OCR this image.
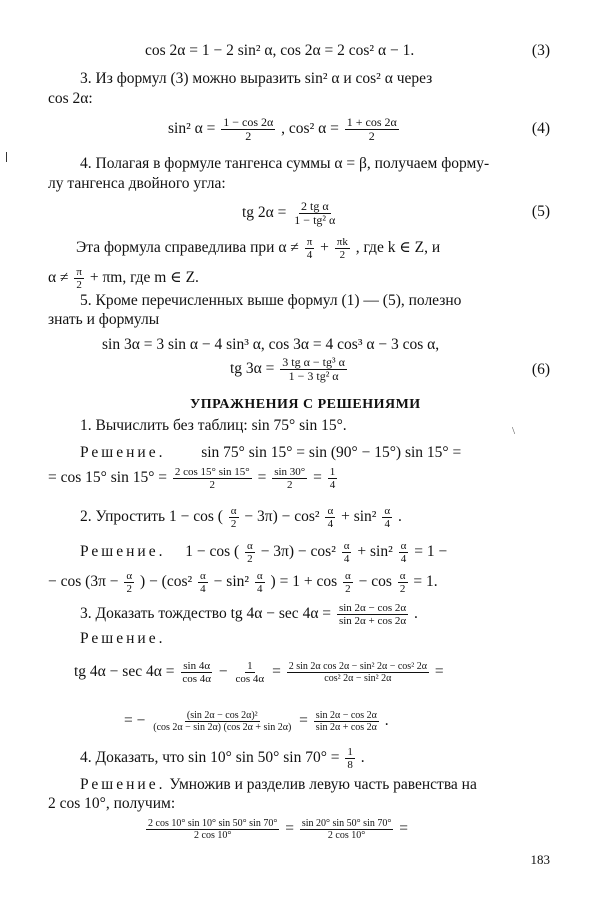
cos 2α = 1 − 2 sin² α, cos 2α = 2 cos² α − 1.	(3)
3. Из формул (3) можно выразить sin² α и cos² α через
cos 2α:
sin² $\alpha = \frac{1 - \cos 2\alpha}{2}$ , cos² $\alpha = \frac{1 + \cos 2\alpha}{2}$	(4)
4. Полагая в формуле тангенса суммы α = β, получаем форму-
лу тангенса двойного угла:
tg $2\alpha = \frac{\text{2 tg α}}{\text{1 − tg² α}}$	(5)
Эта формула справедлива при $\alpha \ne \frac{\pi}{4} + \frac{\pi k}{2}$ , где k ∈ Z, и
$\alpha \ne \frac{\pi}{2} + \pi m$, где m ∈ Z.
5. Кроме перечисленных выше формул (1) — (5), полезно
знать и формулы
sin 3α = 3 sin α − 4 sin³ α, cos 3α = 4 cos³ α − 3 cos α,
tg $3\alpha = \frac{\text{3 tg α − tg³ α}}{\text{1 − 3 tg² α}}$	(6)
УПРАЖНЕНИЯ С РЕШЕНИЯМИ
\
1. Вычислить без таблиц: sin 75° sin 15°.
Решение. sin 75° sin 15° = sin (90° − 15°) sin 15° =
= cos 15° $\sin 15^\circ = \frac{2 \cos 15^\circ \sin 15^\circ}{2} = \frac{\sin 30^\circ}{2} = \frac{1}{4}$
2. Упростить 1 − cos ( $\frac{\alpha}{2} - 3\pi) - \cos^2 \frac{\alpha}{4} + \sin^2 \frac{\alpha}{4}$ .
Решение. 1 − cos ( $\frac{\alpha}{2} - 3\pi) - \cos^2 \frac{\alpha}{4} + \sin^2 \frac{\alpha}{4} = 1$ −
− $\cos (3\pi - \frac{\alpha}{2}$ ) − ($\cos^2 \frac{\alpha}{4} - \sin^2 \frac{\alpha}{4}$ ) = $1 + \cos \frac{\alpha}{2} - \cos \frac{\alpha}{2} = 1$.
3. Доказать тождество tg $4\alpha - \sec 4\alpha = \frac{\sin 2\alpha - \cos 2\alpha}{\sin 2\alpha + \cos 2\alpha}$ .
Решение.
tg $4\alpha - \sec 4\alpha = \frac{\sin 4\alpha}{\cos 4\alpha} - \frac{1}{\cos 4\alpha} = \frac{\text{2 sin 2α cos 2α − sin² 2α − cos² 2α}}{\text{cos² 2α − sin² 2α}}$ =
= − $\frac{\text{(sin 2α − cos 2α)²}}{(\cos 2\alpha - \sin 2\alpha) (\cos 2\alpha + \sin 2\alpha)} = \frac{\sin 2\alpha - \cos 2\alpha}{\sin 2\alpha + \cos 2\alpha}$ .
4. Доказать, что sin 10° sin 50° $\sin 70^\circ = \frac{1}{8}$ .
Решение. Умножив и разделив левую часть равенства на
2 cos 10°, получим:
$\frac{2 \cos 10^\circ \sin 10^\circ \sin 50^\circ \sin 70^\circ}{2 \cos 10^\circ} = \frac{\sin 20^\circ \sin 50^\circ \sin 70^\circ}{2 \cos 10^\circ}$ =
183
